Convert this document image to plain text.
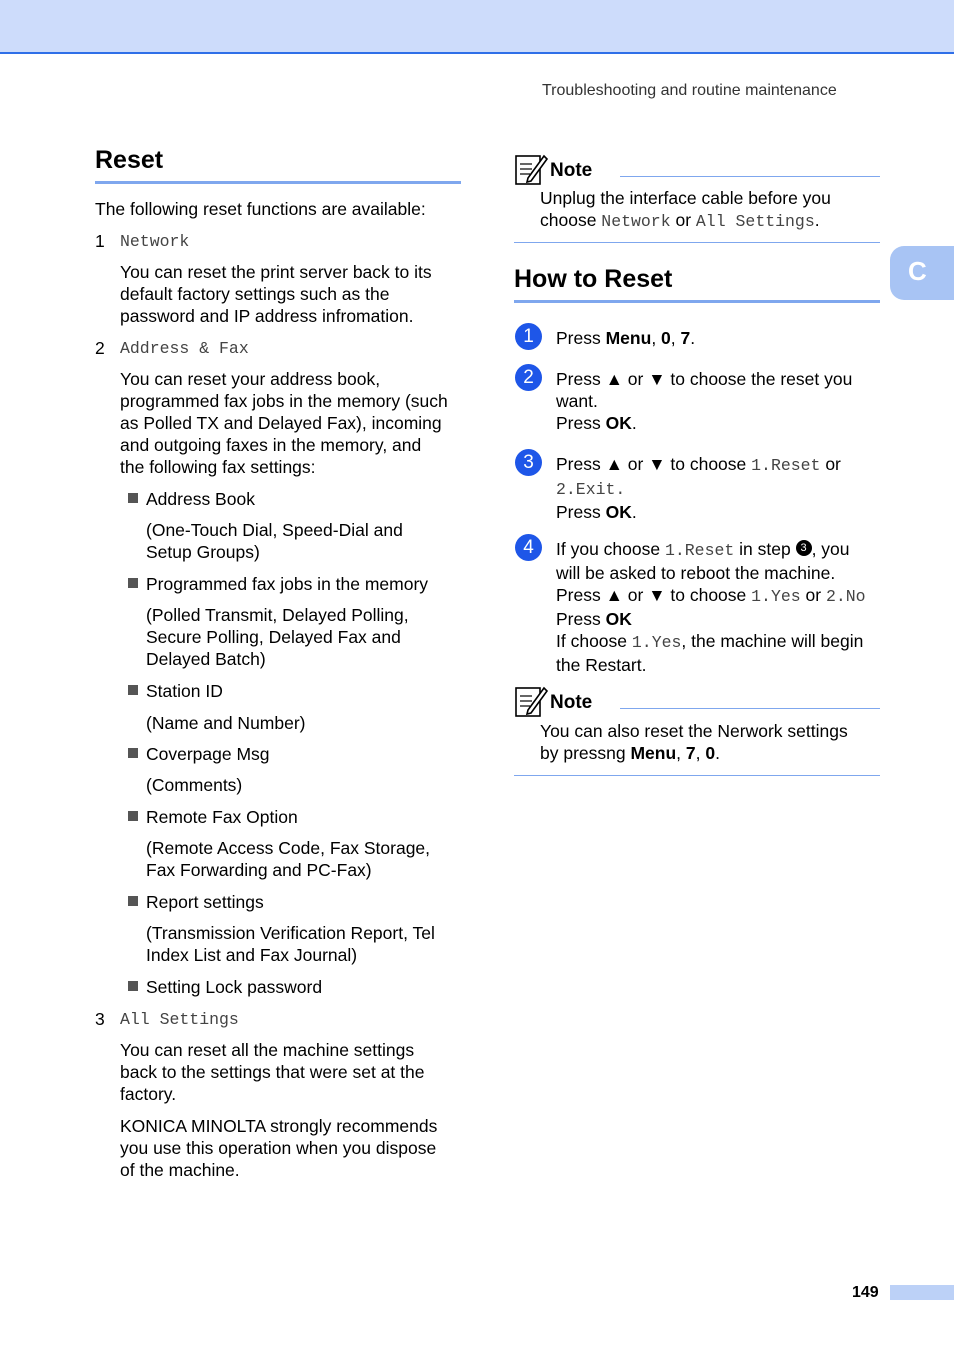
Troubleshooting and routine maintenance
C
Reset
The following reset functions are available:
1 Network
You can reset the print server back to its
default factory settings such as the
password and IP address infromation.
2 Address & Fax
You can reset your address book,
programmed fax jobs in the memory (such
as Polled TX and Delayed Fax), incoming
and outgoing faxes in the memory, and
the following fax settings:
Address Book
(One-Touch Dial, Speed-Dial and
Setup Groups)
Programmed fax jobs in the memory
(Polled Transmit, Delayed Polling,
Secure Polling, Delayed Fax and
Delayed Batch)
Station ID
(Name and Number)
Coverpage Msg
(Comments)
Remote Fax Option
(Remote Access Code, Fax Storage,
Fax Forwarding and PC-Fax)
Report settings
(Transmission Verification Report, Tel
Index List and Fax Journal)
Setting Lock password
3 All Settings
You can reset all the machine settings
back to the settings that were set at the
factory.
KONICA MINOLTA strongly recommends
you use this operation when you dispose
of the machine.
Note
Unplug the interface cable before you
choose Network or All Settings.
How to Reset
1	Press Menu, 0, 7.
2	Press ▲ or ▼ to choose the reset you
want.
Press OK.
3	Press ▲ or ▼ to choose 1.Reset or
2.Exit.
Press OK.
4	If you choose 1.Reset in step 3 , you
will be asked to reboot the machine.
Press ▲ or ▼ to choose 1.Yes or 2.No
Press OK
If choose 1.Yes, the machine will begin
the Restart.
Note
You can also reset the Nerwork settings
by pressng Menu, 7, 0.
149
